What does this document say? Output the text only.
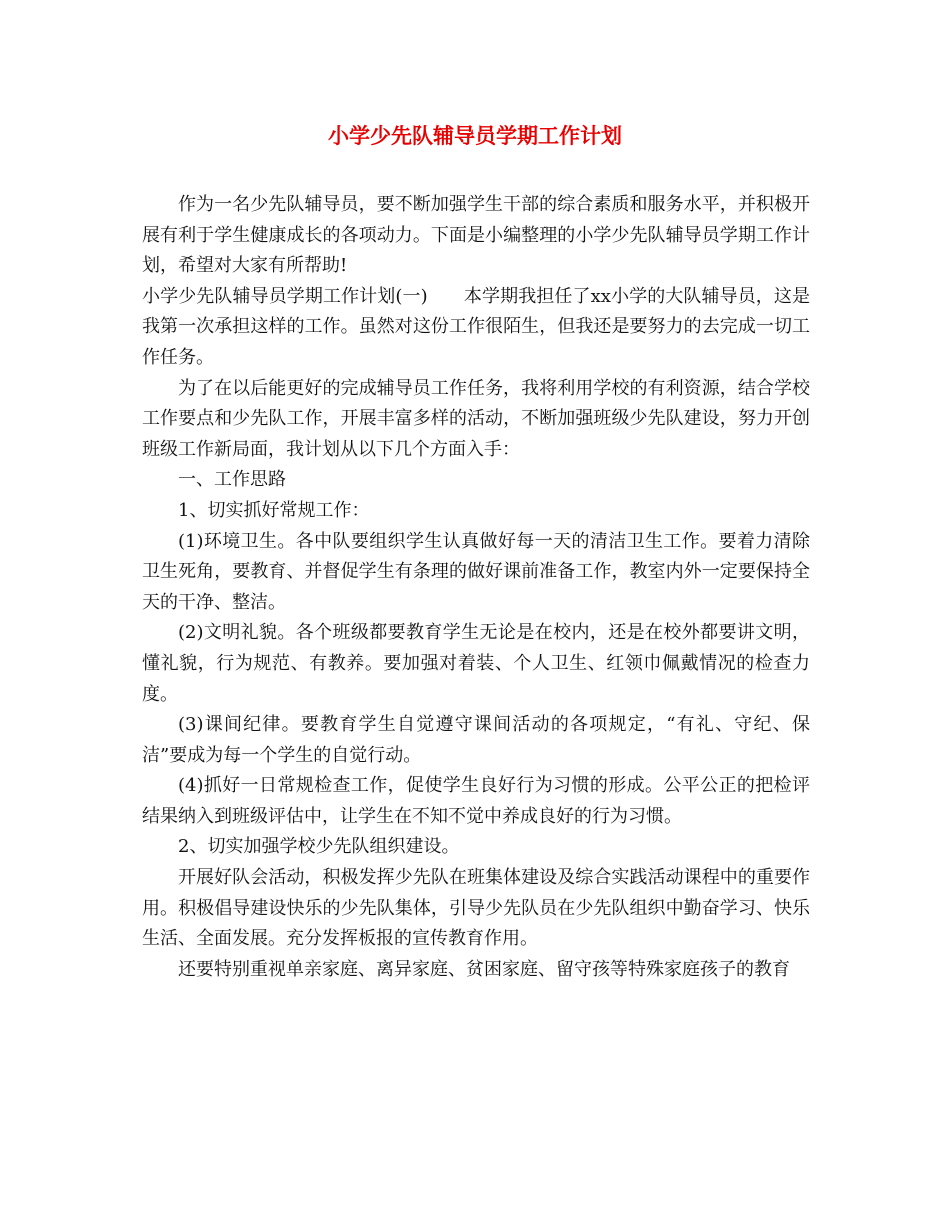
小学少先队辅导员学期工作计划

作为一名少先队辅导员，要不断加强学生干部的综合素质和服务水平，并积极开展有利于学生健康成长的各项动力。下面是小编整理的小学少先队辅导员学期工作计划，希望对大家有所帮助!

小学少先队辅导员学期工作计划(一)　　本学期我担任了xx小学的大队辅导员，这是我第一次承担这样的工作。虽然对这份工作很陌生，但我还是要努力的去完成一切工作任务。

为了在以后能更好的完成辅导员工作任务，我将利用学校的有利资源，结合学校工作要点和少先队工作，开展丰富多样的活动，不断加强班级少先队建设，努力开创班级工作新局面，我计划从以下几个方面入手：

一、工作思路

1、切实抓好常规工作：

(1)环境卫生。各中队要组织学生认真做好每一天的清洁卫生工作。要着力清除卫生死角，要教育、并督促学生有条理的做好课前准备工作，教室内外一定要保持全天的干净、整洁。

(2)文明礼貌。各个班级都要教育学生无论是在校内，还是在校外都要讲文明，懂礼貌，行为规范、有教养。要加强对着装、个人卫生、红领巾佩戴情况的检查力度。

(3)课间纪律。要教育学生自觉遵守课间活动的各项规定，“有礼、守纪、保洁”要成为每一个学生的自觉行动。

(4)抓好一日常规检查工作，促使学生良好行为习惯的形成。公平公正的把检评结果纳入到班级评估中，让学生在不知不觉中养成良好的行为习惯。

2、切实加强学校少先队组织建设。

开展好队会活动，积极发挥少先队在班集体建设及综合实践活动课程中的重要作用。积极倡导建设快乐的少先队集体，引导少先队员在少先队组织中勤奋学习、快乐生活、全面发展。充分发挥板报的宣传教育作用。

还要特别重视单亲家庭、离异家庭、贫困家庭、留守孩等特殊家庭孩子的教育
